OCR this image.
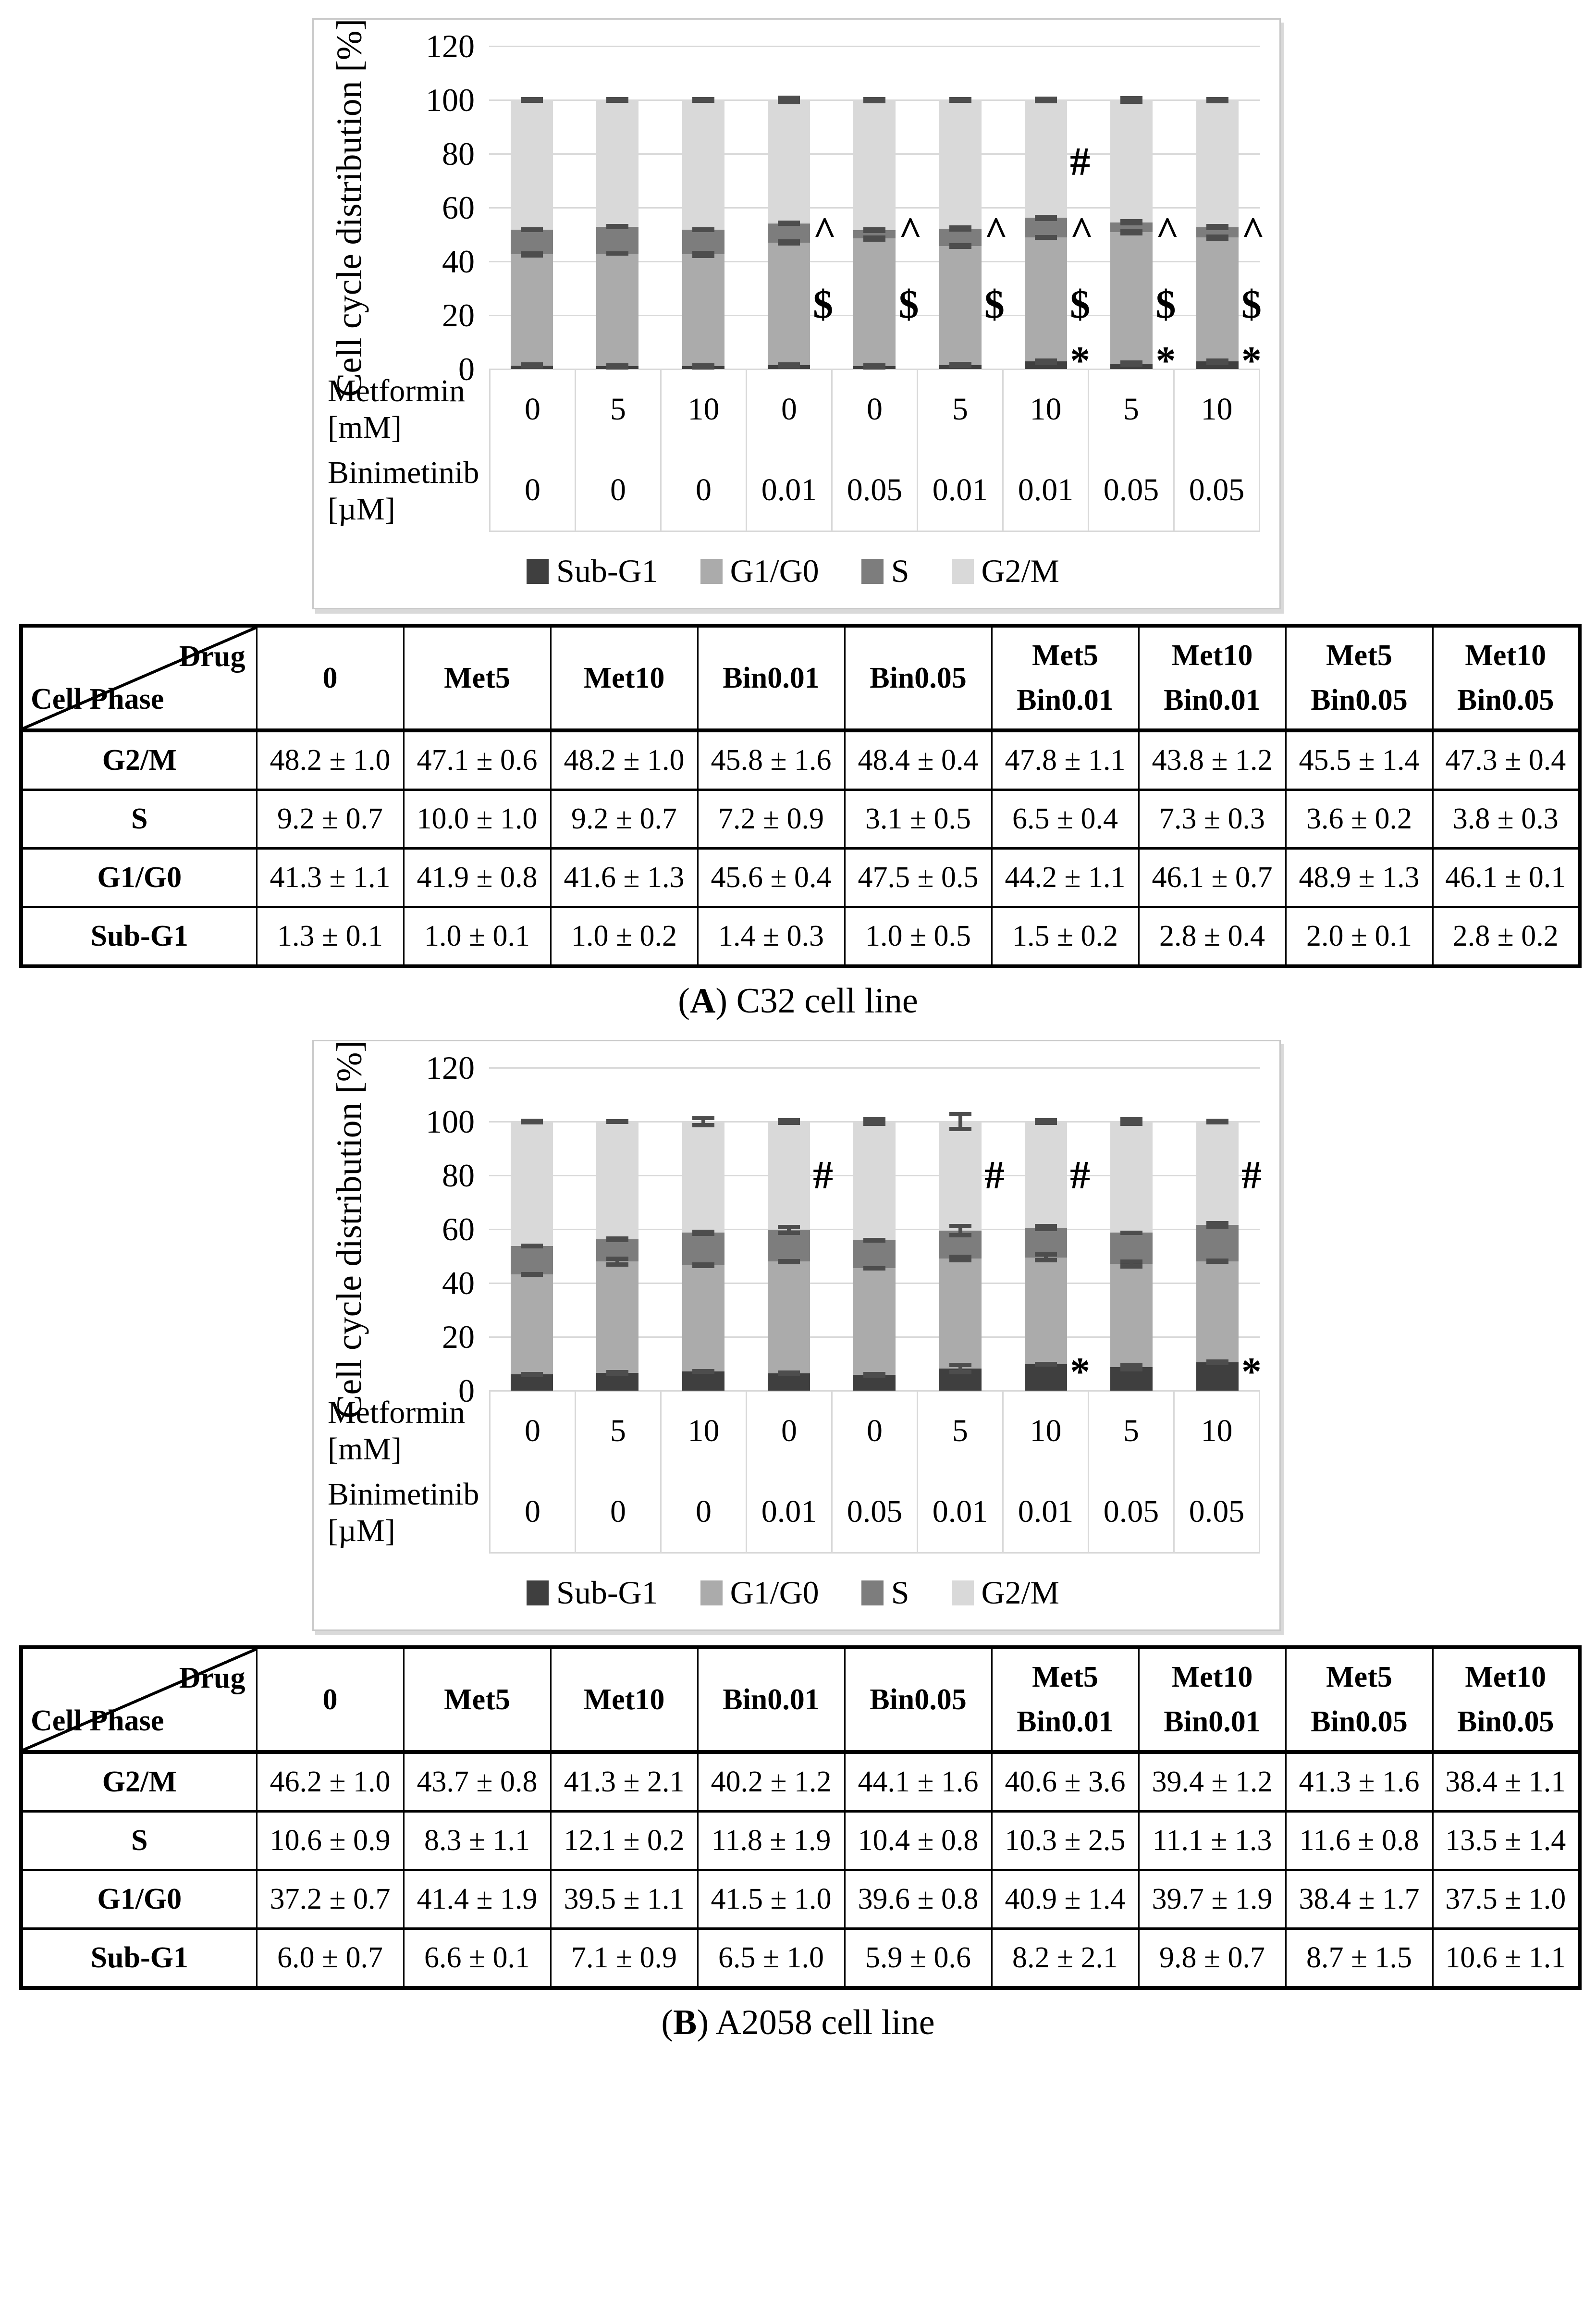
Cell cycle distribution [%]	0
20
40
60
80
100
120
^ ^ ^ ^ ^ ^
$ $ $ $ $ $
#
* * *
Metformin [mM]
0	5	10	0	0	5	10	5	10
Binimetinib [µM]
0	0	0	0.01 0.05 0.01 0.01 0.05 0.05
Sub-G1 G1/G0 S G2/M
Drug
Cell Phase	0	Met5	Met10	Bin0.01	Bin0.05	Met5 Bin0.01	Met10 Bin0.01	Met5 Bin0.05	Met10 Bin0.05
G2/M	48.2 ± 1.0	47.1 ± 0.6	48.2 ± 1.0	45.8 ± 1.6	48.4 ± 0.4	47.8 ± 1.1	43.8 ± 1.2	45.5 ± 1.4	47.3 ± 0.4
S	9.2 ± 0.7	10.0 ± 1.0	9.2 ± 0.7	7.2 ± 0.9	3.1 ± 0.5	6.5 ± 0.4	7.3 ± 0.3	3.6 ± 0.2	3.8 ± 0.3
G1/G0	41.3 ± 1.1	41.9 ± 0.8	41.6 ± 1.3	45.6 ± 0.4	47.5 ± 0.5	44.2 ± 1.1	46.1 ± 0.7	48.9 ± 1.3	46.1 ± 0.1
Sub-G1	1.3 ± 0.1	1.0 ± 0.1	1.0 ± 0.2	1.4 ± 0.3	1.0 ± 0.5	1.5 ± 0.2	2.8 ± 0.4	2.0 ± 0.1	2.8 ± 0.2
(A) C32 cell line
Cell cycle distribution [%]	0
20
40
60
80
100
120
#	# #	#
*	*
Metformin [mM]
0	5	10	0	0	5	10	5	10
Binimetinib [µM]
0	0	0	0.01 0.05 0.01 0.01 0.05 0.05
Sub-G1 G1/G0 S G2/M
Drug
Cell Phase	0	Met5	Met10	Bin0.01	Bin0.05	Met5 Bin0.01	Met10 Bin0.01	Met5 Bin0.05	Met10 Bin0.05
G2/M	46.2 ± 1.0	43.7 ± 0.8	41.3 ± 2.1	40.2 ± 1.2	44.1 ± 1.6	40.6 ± 3.6	39.4 ± 1.2	41.3 ± 1.6	38.4 ± 1.1
S	10.6 ± 0.9	8.3 ± 1.1	12.1 ± 0.2	11.8 ± 1.9	10.4 ± 0.8	10.3 ± 2.5	11.1 ± 1.3	11.6 ± 0.8	13.5 ± 1.4
G1/G0	37.2 ± 0.7	41.4 ± 1.9	39.5 ± 1.1	41.5 ± 1.0	39.6 ± 0.8	40.9 ± 1.4	39.7 ± 1.9	38.4 ± 1.7	37.5 ± 1.0
Sub-G1	6.0 ± 0.7	6.6 ± 0.1	7.1 ± 0.9	6.5 ± 1.0	5.9 ± 0.6	8.2 ± 2.1	9.8 ± 0.7	8.7 ± 1.5	10.6 ± 1.1
(B) A2058 cell line
